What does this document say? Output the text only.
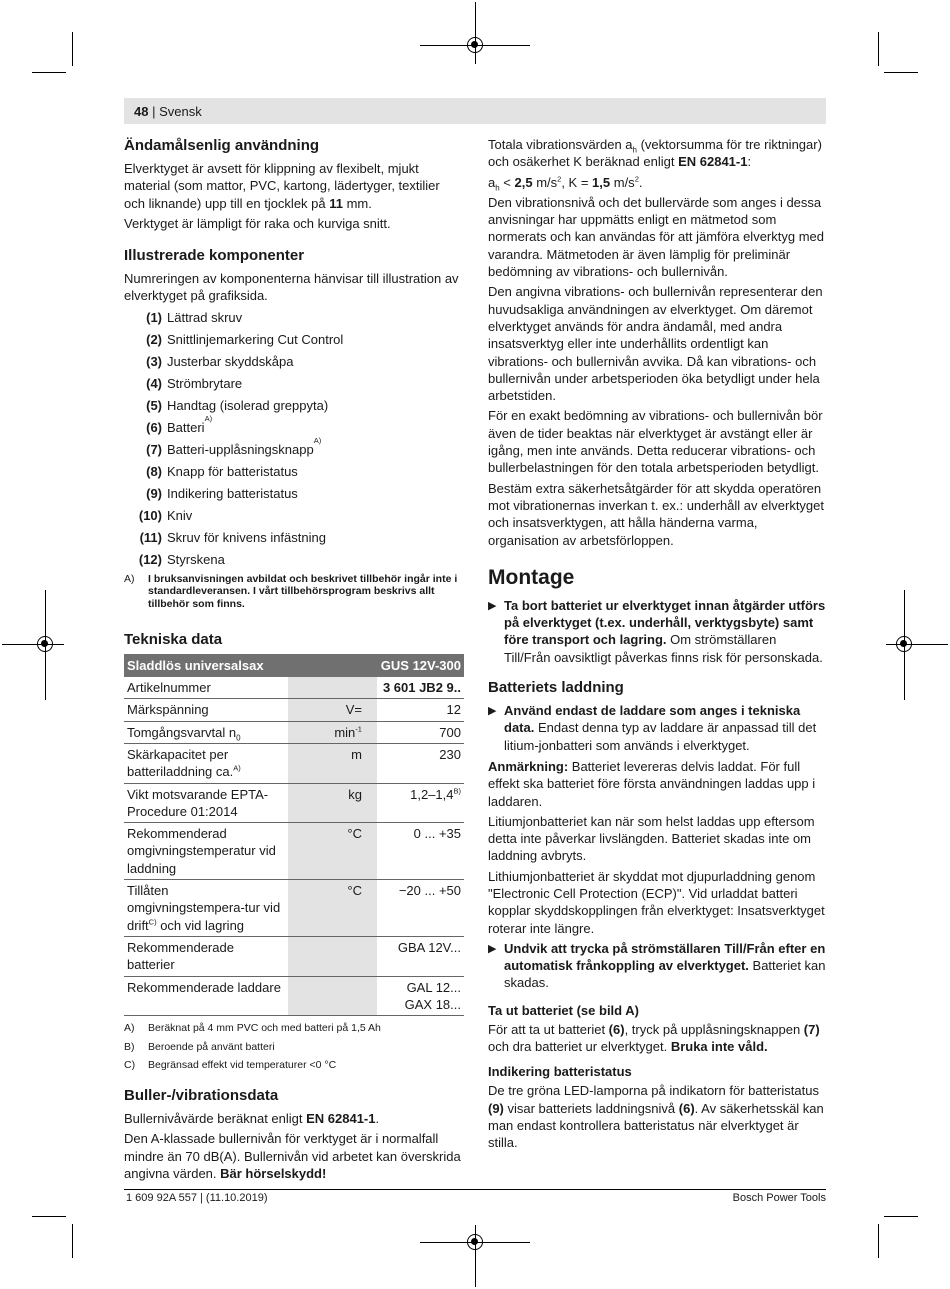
48 | Svensk
Ändamålsenlig användning

Elverktyget är avsett för klippning av flexibelt, mjukt material (som mattor, PVC, kartong, lädertyger, textilier och liknande) upp till en tjocklek på 11 mm.

Verktyget är lämpligt för raka och kurviga snitt.

Illustrerade komponenter

Numreringen av komponenterna hänvisar till illustration av elverktyget på grafiksida.

(1) Lättrad skruv
(2) Snittlinjemarkering Cut Control
(3) Justerbar skyddskåpa
(4) Strömbrytare
(5) Handtag (isolerad greppyta)
(6) Batteri
A)
(7) Batteri-upplåsningsknapp
A)
(8) Knapp för batteristatus
(9) Indikering batteristatus
(10) Kniv
(11) Skruv för knivens infästning
(12) Styrskena
A)	I bruksanvisningen avbildat och beskrivet tillbehör ingår inte i standardleveransen. I vårt tillbehörsprogram beskrivs allt tillbehör som finns.
Tekniska data
Sladdlös universalsax		GUS 12V-300
Artikelnummer		3 601 JB2 9..
Märkspänning	V=	12
Tomgångsvarvtal $n_0$	$\min^{-1}$	700
Skärkapacitet per batteriladdning ca.$^{A)}$	m	230
Vikt motsvarande EPTA-Procedure 01:2014	kg	$1,2-1,4^{B)}$
Rekommenderad omgivningstemperatur vid laddning	°C	0 ... +35
Tillåten omgivningstempera-tur vid drift$^{C)}$ och vid lagring	°C	−20 ... +50
Rekommenderade batterier		GBA 12V...
Rekommenderade laddare		GAL 12...
GAX 18...
A)	Beräknat på 4 mm PVC och med batteri på 1,5 Ah
B)	Beroende på använt batteri
C)	Begränsad effekt vid temperaturer <0 °C
Buller-/vibrationsdata

Bullernivåvärde beräknat enligt EN 62841-1.

Den A-klassade bullernivån för verktyget är i normalfall mindre än 70 dB(A). Bullernivån vid arbetet kan överskrida angivna värden. Bär hörselskydd!

Totala vibrationsvärden $a_h$ (vektorsumma för tre riktningar) och osäkerhet K beräknad enligt EN 62841-1:

$a_h < 2,5$ $m/s^2$, K = 1,5 $m/s^2$.

Den vibrationsnivå och det bullervärde som anges i dessa anvisningar har uppmätts enligt en mätmetod som normerats och kan användas för att jämföra elverktyg med varandra. Mätmetoden är även lämplig för preliminär bedömning av vibrations- och bullernivån.

Den angivna vibrations- och bullernivån representerar den huvudsakliga användningen av elverktyget. Om däremot elverktyget används för andra ändamål, med andra insatsverktyg eller inte underhållits ordentligt kan vibrations- och bullernivån avvika. Då kan vibrations- och bullernivån under arbetsperioden öka betydligt under hela arbetstiden.

För en exakt bedömning av vibrations- och bullernivån bör även de tider beaktas när elverktyget är avstängt eller är igång, men inte används. Detta reducerar vibrations- och bullerbelastningen för den totala arbetsperioden betydligt.

Bestäm extra säkerhetsåtgärder för att skydda operatören mot vibrationernas inverkan t. ex.: underhåll av elverktyget och insatsverktygen, att hålla händerna varma, organisation av arbetsförloppen.

Montage
▶ Ta bort batteriet ur elverktyget innan åtgärder utförs på elverktyget (t.ex. underhåll, verktygsbyte) samt före transport och lagring. Om strömställaren Till/Från oavsiktligt påverkas finns risk för personskada.
Batteriets laddning
▶ Använd endast de laddare som anges i tekniska data. Endast denna typ av laddare är anpassad till det litium-jonbatteri som används i elverktyget.

Anmärkning: Batteriet levereras delvis laddat. För full effekt ska batteriet före första användningen laddas upp i laddaren.

Litiumjonbatteriet kan när som helst laddas upp eftersom detta inte påverkar livslängden. Batteriet skadas inte om laddning avbryts.

Lithiumjonbatteriet är skyddat mot djupurladdning genom "Electronic Cell Protection (ECP)". Vid urladdat batteri kopplar skyddskopplingen från elverktyget: Insatsverktyget roterar inte längre.

▶ Undvik att trycka på strömställaren Till/Från efter en automatisk frånkoppling av elverktyget. Batteriet kan skadas.
Ta ut batteriet (se bild A)

För att ta ut batteriet (6), tryck på upplåsningsknappen (7) och dra batteriet ur elverktyget. Bruka inte våld.

Indikering batteristatus

De tre gröna LED-lamporna på indikatorn för batteristatus (9) visar batteriets laddningsnivå (6). Av säkerhetsskäl kan man endast kontrollera batteristatus när elverktyget är stilla.

1 609 92A 557 | (11.10.2019)	Bosch Power Tools
